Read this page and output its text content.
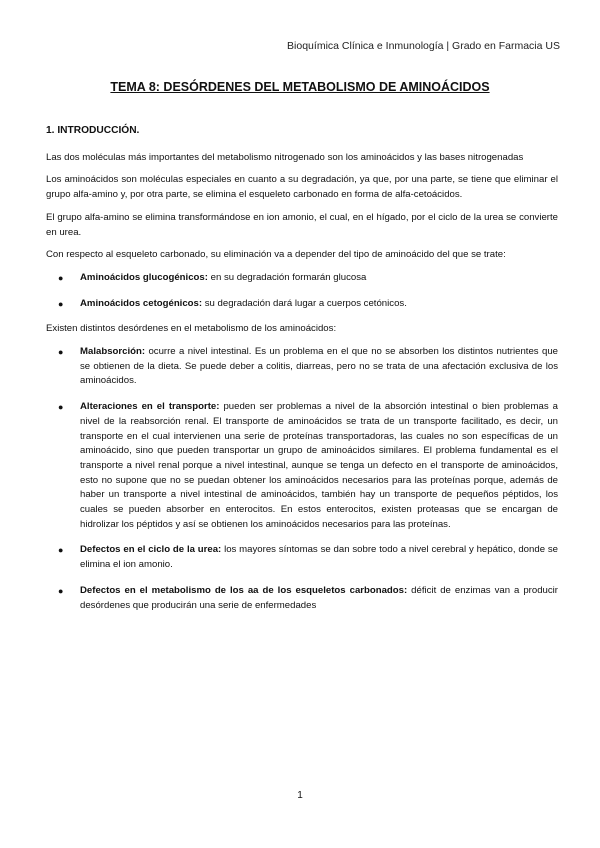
Bioquímica Clínica e Inmunología | Grado en Farmacia US
TEMA 8: DESÓRDENES DEL METABOLISMO DE AMINOÁCIDOS
1. INTRODUCCIÓN.

Las dos moléculas más importantes del metabolismo nitrogenado son los aminoácidos y las bases nitrogenadas

Los aminoácidos son moléculas especiales en cuanto a su degradación, ya que, por una parte, se tiene que eliminar el grupo alfa-amino y, por otra parte, se elimina el esqueleto carbonado en forma de alfa-cetoácidos.

El grupo alfa-amino se elimina transformándose en ion amonio, el cual, en el hígado, por el ciclo de la urea se convierte en urea.

Con respecto al esqueleto carbonado, su eliminación va a depender del tipo de aminoácido del que se trate:

● Aminoácidos glucogénicos: en su degradación formarán glucosa
● Aminoácidos cetogénicos: su degradación dará lugar a cuerpos cetónicos.

Existen distintos desórdenes en el metabolismo de los aminoácidos:

● Malabsorción: ocurre a nivel intestinal. Es un problema en el que no se absorben los distintos nutrientes que se obtienen de la dieta. Se puede deber a colitis, diarreas, pero no se trata de una afectación exclusiva de los aminoácidos.
● Alteraciones en el transporte: pueden ser problemas a nivel de la absorción intestinal o bien problemas a nivel de la reabsorción renal. El transporte de aminoácidos se trata de un transporte facilitado, es decir, un transporte en el cual intervienen una serie de proteínas transportadoras, las cuales no son específicas de un aminoácido, sino que pueden transportar un grupo de aminoácidos similares. El problema fundamental es el transporte a nivel renal porque a nivel intestinal, aunque se tenga un defecto en el transporte de aminoácidos, esto no supone que no se puedan obtener los aminoácidos necesarios para las proteínas porque, además de haber un transporte a nivel intestinal de aminoácidos, también hay un transporte de pequeños péptidos, los cuales se pueden absorber en enterocitos. En estos enterocitos, existen proteasas que se encargan de hidrolizar los péptidos y así se obtienen los aminoácidos necesarios para las proteínas.
● Defectos en el ciclo de la urea: los mayores síntomas se dan sobre todo a nivel cerebral y hepático, donde se elimina el ion amonio.
● Defectos en el metabolismo de los aa de los esqueletos carbonados: déficit de enzimas van a producir desórdenes que producirán una serie de enfermedades
1
